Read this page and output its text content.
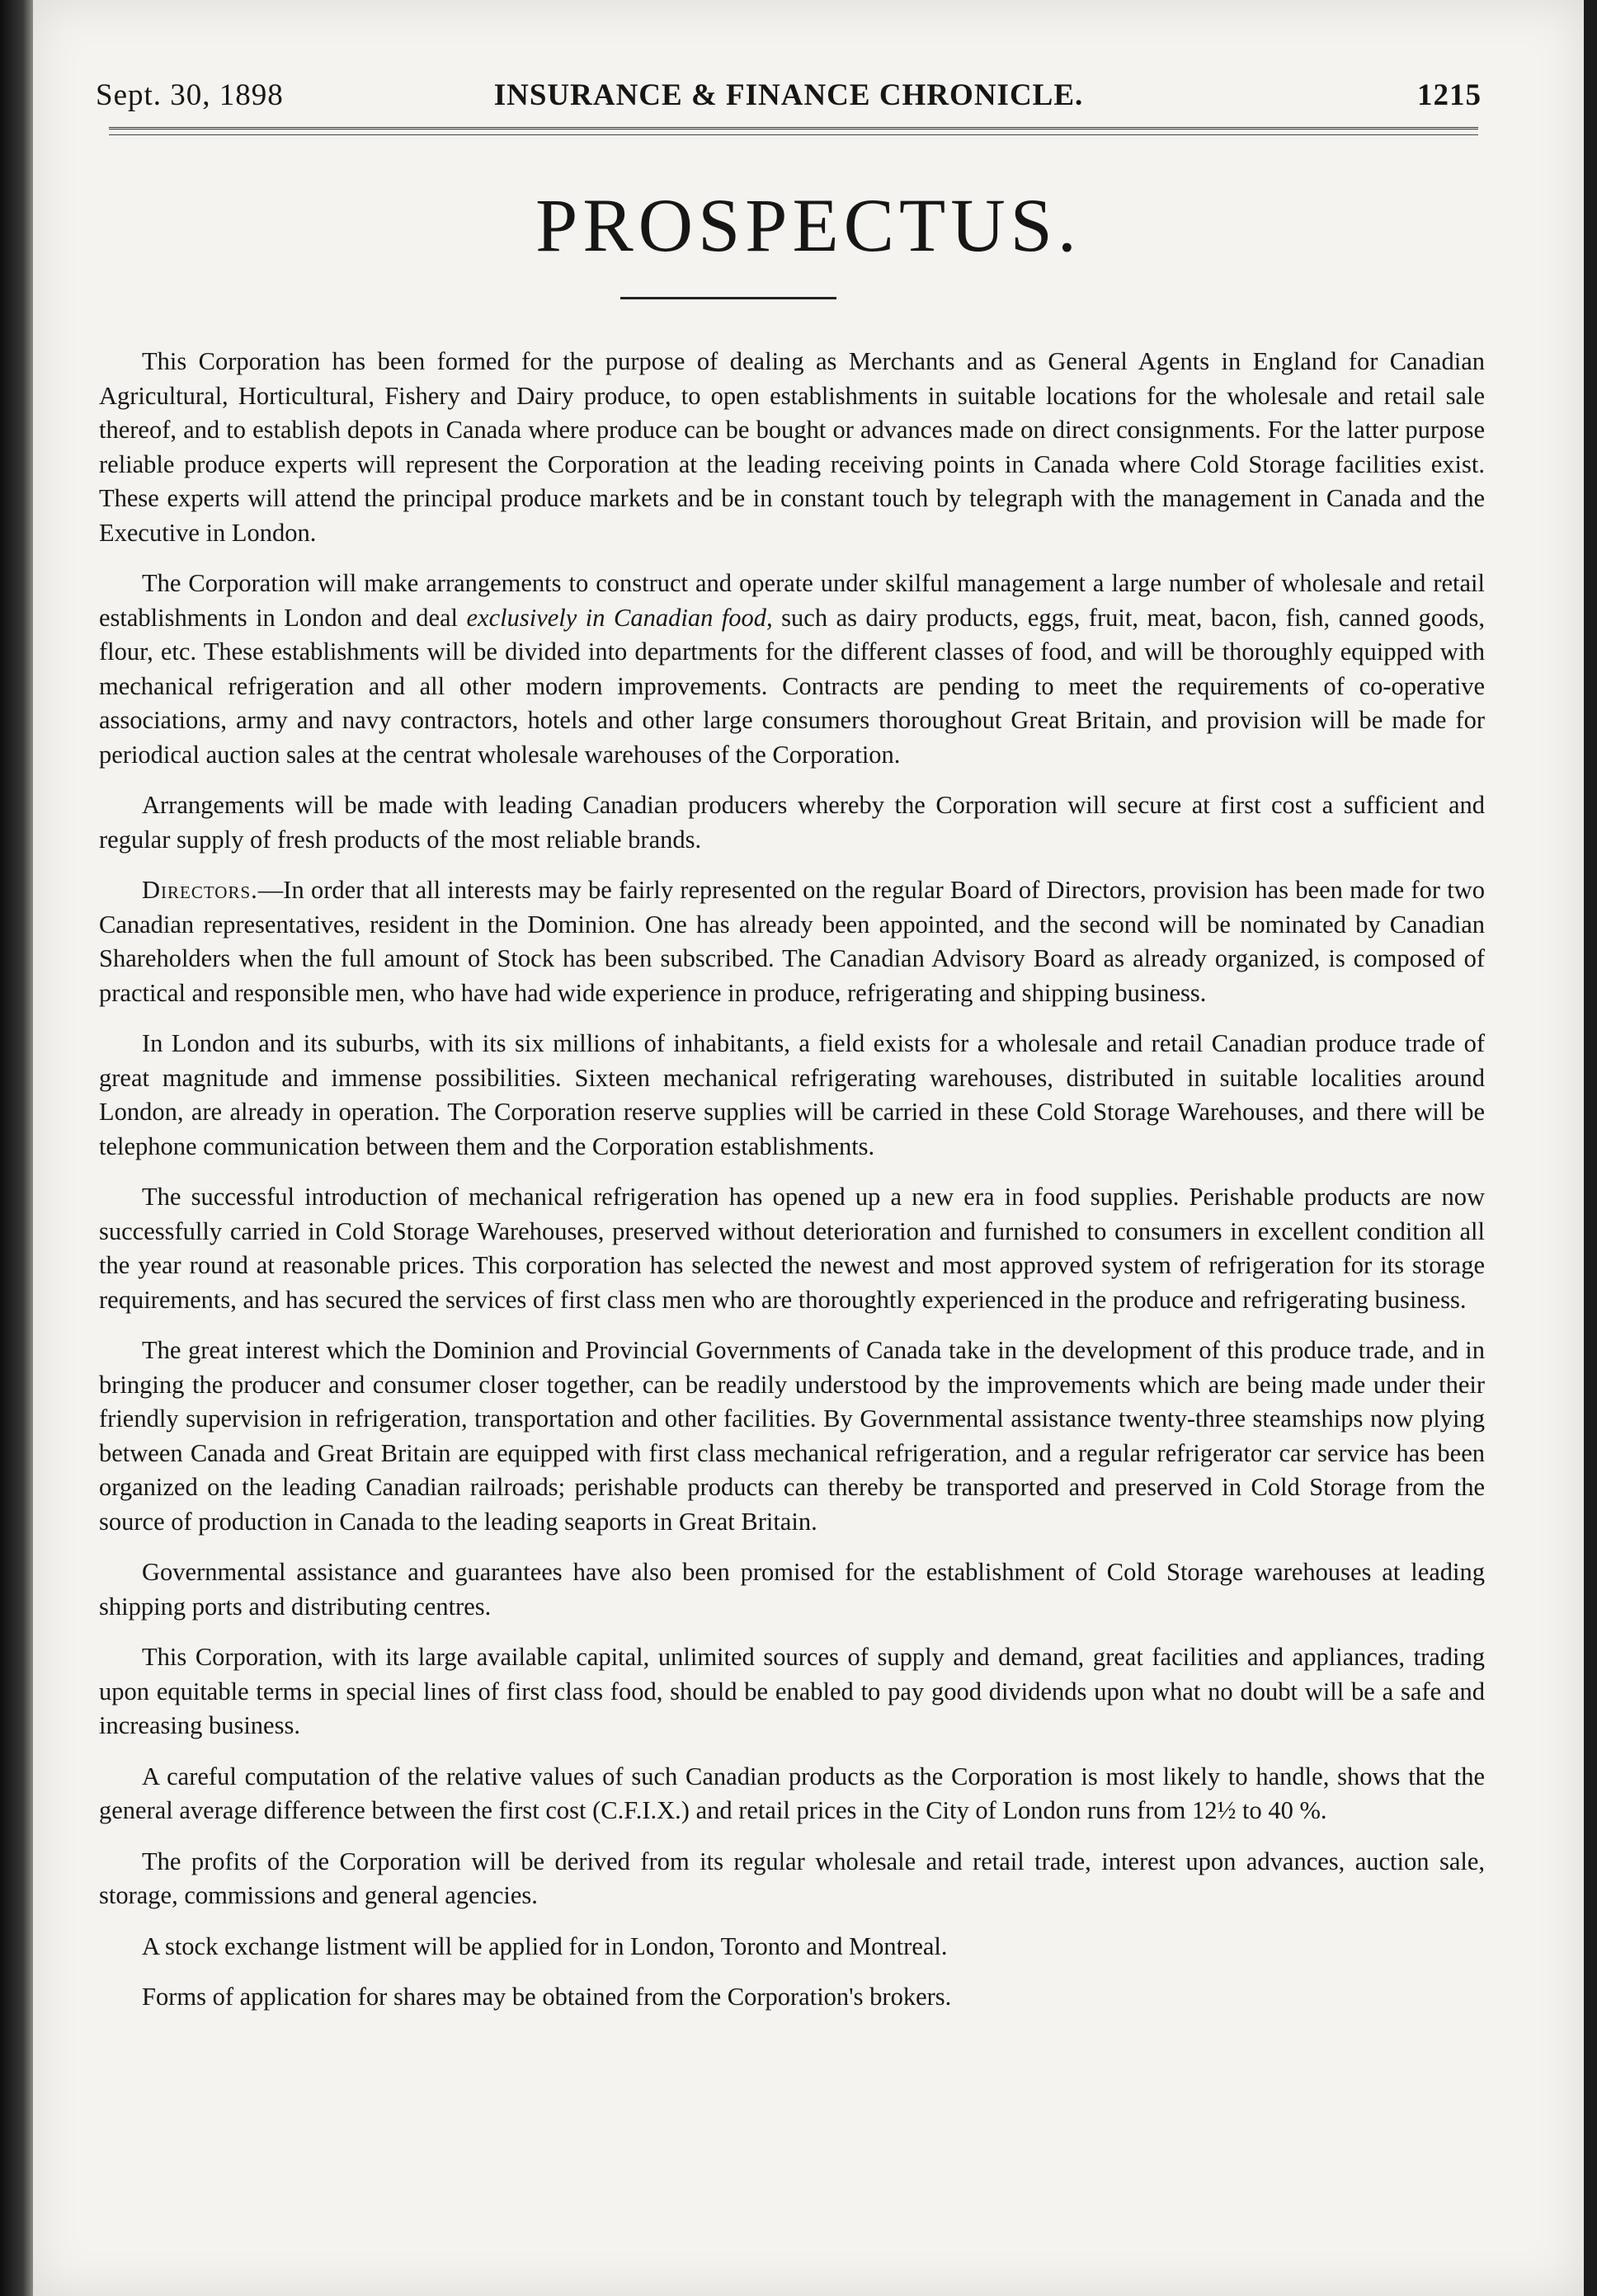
Sept. 30, 1898	INSURANCE & FINANCE CHRONICLE.	1215
PROSPECTUS.

This Corporation has been formed for the purpose of dealing as Merchants and as General Agents in England for Canadian Agricultural, Horticultural, Fishery and Dairy produce, to open establishments in suitable locations for the wholesale and retail sale thereof, and to establish depots in Canada where produce can be bought or advances made on direct consignments. For the latter purpose reliable produce experts will represent the Corporation at the leading receiving points in Canada where Cold Storage facilities exist. These experts will attend the principal produce markets and be in constant touch by telegraph with the management in Canada and the Executive in London.

The Corporation will make arrangements to construct and operate under skilful management a large number of wholesale and retail establishments in London and deal exclusively in Canadian food, such as dairy products, eggs, fruit, meat, bacon, fish, canned goods, flour, etc. These establishments will be divided into departments for the different classes of food, and will be thoroughly equipped with mechanical refrigeration and all other modern improvements. Contracts are pending to meet the requirements of co-operative associations, army and navy contractors, hotels and other large consumers thoroughout Great Britain, and provision will be made for periodical auction sales at the centrat wholesale warehouses of the Corporation.

Arrangements will be made with leading Canadian producers whereby the Corporation will secure at first cost a sufficient and regular supply of fresh products of the most reliable brands.

Directors.—In order that all interests may be fairly represented on the regular Board of Directors, provision has been made for two Canadian representatives, resident in the Dominion. One has already been appointed, and the second will be nominated by Canadian Shareholders when the full amount of Stock has been subscribed. The Canadian Advisory Board as already organized, is composed of practical and responsible men, who have had wide experience in produce, refrigerating and shipping business.

In London and its suburbs, with its six millions of inhabitants, a field exists for a wholesale and retail Canadian produce trade of great magnitude and immense possibilities. Sixteen mechanical refrigerating warehouses, distributed in suitable localities around London, are already in operation. The Corporation reserve supplies will be carried in these Cold Storage Warehouses, and there will be telephone communication between them and the Corporation establishments.

The successful introduction of mechanical refrigeration has opened up a new era in food supplies. Perishable products are now successfully carried in Cold Storage Warehouses, preserved without deterioration and furnished to consumers in excellent condition all the year round at reasonable prices. This corporation has selected the newest and most approved system of refrigeration for its storage requirements, and has secured the services of first class men who are thoroughtly experienced in the produce and refrigerating business.

The great interest which the Dominion and Provincial Governments of Canada take in the development of this produce trade, and in bringing the producer and consumer closer together, can be readily understood by the improvements which are being made under their friendly supervision in refrigeration, transportation and other facilities. By Governmental assistance twenty-three steamships now plying between Canada and Great Britain are equipped with first class mechanical refrigeration, and a regular refrigerator car service has been organized on the leading Canadian railroads; perishable products can thereby be transported and preserved in Cold Storage from the source of production in Canada to the leading seaports in Great Britain.

Governmental assistance and guarantees have also been promised for the establishment of Cold Storage warehouses at leading shipping ports and distributing centres.

This Corporation, with its large available capital, unlimited sources of supply and demand, great facilities and appliances, trading upon equitable terms in special lines of first class food, should be enabled to pay good dividends upon what no doubt will be a safe and increasing business.

A careful computation of the relative values of such Canadian products as the Corporation is most likely to handle, shows that the general average difference between the first cost (C.F.I.X.) and retail prices in the City of London runs from 12½ to 40 %.

The profits of the Corporation will be derived from its regular wholesale and retail trade, interest upon advances, auction sale, storage, commissions and general agencies.

A stock exchange listment will be applied for in London, Toronto and Montreal.

Forms of application for shares may be obtained from the Corporation's brokers.
